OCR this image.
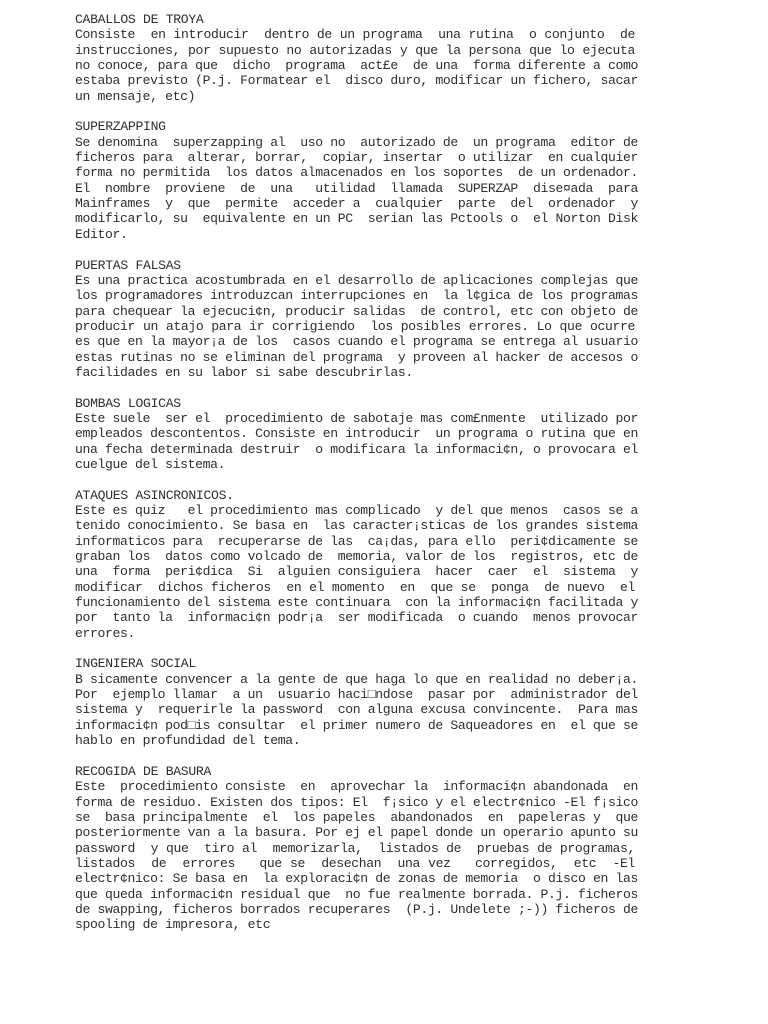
CABALLOS DE TROYA
Consiste  en introducir  dentro de un programa  una rutina  o conjunto  de
instrucciones, por supuesto no autorizadas y que la persona que lo ejecuta
no conoce, para que  dicho  programa  act£e  de una  forma diferente a como
estaba previsto (P.j. Formatear el  disco duro, modificar un fichero, sacar
un mensaje, etc)
SUPERZAPPING
Se denomina  superzapping al  uso no  autorizado de  un programa  editor de
ficheros para  alterar, borrar,  copiar, insertar  o utilizar  en cualquier
forma no permitida  los datos almacenados en los soportes  de un ordenador.
El  nombre  proviene  de  una   utilidad  llamada  SUPERZAP  dise¤ada  para
Mainframes  y  que  permite  acceder a  cualquier  parte  del  ordenador  y
modificarlo, su  equivalente en un PC  serian las Pctools o  el Norton Disk
Editor.
PUERTAS FALSAS
Es una practica acostumbrada en el desarrollo de aplicaciones complejas que
los programadores introduzcan interrupciones en  la l¢gica de los programas
para chequear la ejecuci¢n, producir salidas  de control, etc con objeto de
producir un atajo para ir corrigiendo  los posibles errores. Lo que ocurre
es que en la mayor¡a de los  casos cuando el programa se entrega al usuario
estas rutinas no se eliminan del programa  y proveen al hacker de accesos o
facilidades en su labor si sabe descubrirlas.
BOMBAS LOGICAS
Este suele  ser el  procedimiento de sabotaje mas com£nmente  utilizado por
empleados descontentos. Consiste en introducir  un programa o rutina que en
una fecha determinada destruir  o modificara la informaci¢n, o provocara el
cuelgue del sistema.
ATAQUES ASINCRONICOS.
Este es quiz   el procedimiento mas complicado  y del que menos  casos se a
tenido conocimiento. Se basa en  las caracter¡sticas de los grandes sistema
informaticos para  recuperarse de las  ca¡das, para ello  peri¢dicamente se
graban los  datos como volcado de  memoria, valor de los  registros, etc de
una  forma  peri¢dica  Si  alguien consiguiera  hacer  caer  el  sistema  y
modificar  dichos ficheros  en el momento  en  que se  ponga  de nuevo  el
funcionamiento del sistema este continuara  con la informaci¢n facilitada y
por  tanto la  informaci¢n podr¡a  ser modificada  o cuando  menos provocar
errores.
INGENIERA SOCIAL
B sicamente convencer a la gente de que haga lo que en realidad no deber¡a.
Por  ejemplo llamar  a un  usuario haci□ndose  pasar por  administrador del
sistema y  requerirle la password  con alguna excusa convincente.  Para mas
informaci¢n pod□is consultar  el primer numero de Saqueadores en  el que se
hablo en profundidad del tema.
RECOGIDA DE BASURA
Este  procedimiento consiste  en  aprovechar la  informaci¢n abandonada  en
forma de residuo. Existen dos tipos: El  f¡sico y el electr¢nico -El f¡sico
se  basa principalmente  el  los papeles  abandonados  en  papeleras y  que
posteriormente van a la basura. Por ej el papel donde un operario apunto su
password  y que  tiro al  memorizarla,  listados de  pruebas de programas,
listados  de  errores   que se  desechan  una vez   corregidos,  etc  -El
electr¢nico: Se basa en  la exploraci¢n de zonas de memoria  o disco en las
que queda informaci¢n residual que  no fue realmente borrada. P.j. ficheros
de swapping, ficheros borrados recuperares  (P.j. Undelete ;-)) ficheros de
spooling de impresora, etc
